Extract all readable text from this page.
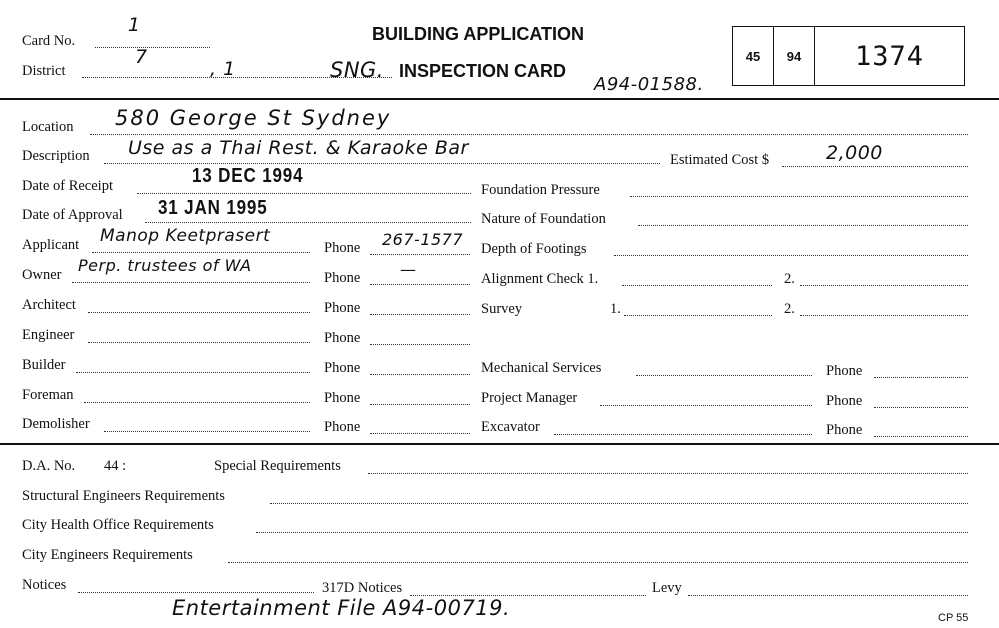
Card No.
1
District
7
, 1	SNG.
BUILDING APPLICATION
INSPECTION CARD
A94-01588.
45	94	1374
Location 580 George St Sydney
Description Use as a Thai Rest. & Karaoke Bar
Estimated Cost $	2,000
Date of Receipt	13 DEC 1994
Date of Approval 31 JAN 1995
Applicant Manop Keetprasert
Phone 267-1577
Owner Perp. trustees of WA
Phone —
Architect	Phone
Engineer	Phone
Builder	Phone
Foreman	Phone
Demolisher	Phone
Foundation Pressure
Nature of Foundation
Depth of Footings
Alignment Check 1.	2.
Survey	1.	2.
Mechanical Services	Phone
Project Manager	Phone
Excavator	Phone
D.A. No. 44 :	Special Requirements
Structural Engineers Requirements
City Health Office Requirements
City Engineers Requirements
Notices	317D Notices	Levy
Entertainment File A94-00719.	CP 55
